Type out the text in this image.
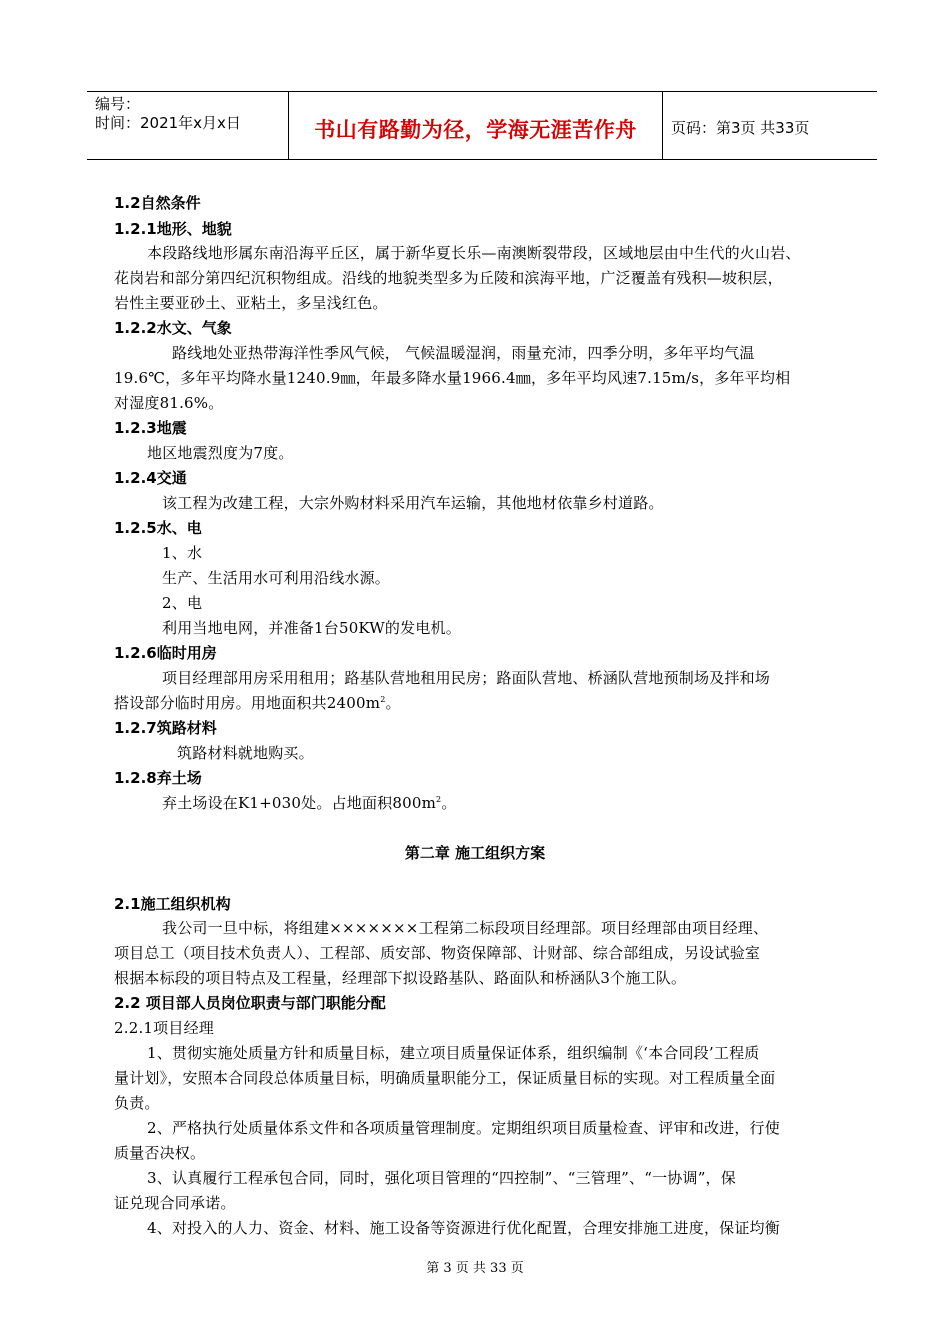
编号：
时间：2021年x月x日	书山有路勤为径，学海无涯苦作舟	页码：第3页 共33页
1.2自然条件
1.2.1地形、地貌
本段路线地形属东南沿海平丘区，属于新华夏长乐—南澳断裂带段，区域地层由中生代的火山岩、
花岗岩和部分第四纪沉积物组成。沿线的地貌类型多为丘陵和滨海平地，广泛覆盖有残积—坡积层，
岩性主要亚砂土、亚粘土，多呈浅红色。
1.2.2水文、气象
路线地处亚热带海洋性季风气候， 气候温暖湿润，雨量充沛，四季分明，多年平均气温
19.6℃，多年平均降水量1240.9㎜，年最多降水量1966.4㎜，多年平均风速7.15m/s，多年平均相
对湿度81.6%。
1.2.3地震
地区地震烈度为7度。
1.2.4交通
该工程为改建工程，大宗外购材料采用汽车运输，其他地材依靠乡村道路。
1.2.5水、电
1、水
生产、生活用水可利用沿线水源。
2、电
利用当地电网，并准备1台50KW的发电机。
1.2.6临时用房
项目经理部用房采用租用；路基队营地租用民房；路面队营地、桥涵队营地预制场及拌和场
搭设部分临时用房。用地面积共$2400m^2$。
1.2.7筑路材料
筑路材料就地购买。
1.2.8弃土场
弃土场设在K1+030处。占地面积$800m^2$。
第二章 施工组织方案
2.1施工组织机构
我公司一旦中标，将组建×××××××工程第二标段项目经理部。项目经理部由项目经理、
项目总工（项目技术负责人）、工程部、质安部、物资保障部、计财部、综合部组成，另设试验室
根据本标段的项目特点及工程量，经理部下拟设路基队、路面队和桥涵队3个施工队。
2.2 项目部人员岗位职责与部门职能分配
2.2.1项目经理
1、贯彻实施处质量方针和质量目标，建立项目质量保证体系，组织编制《‘本合同段’工程质
量计划》，安照本合同段总体质量目标，明确质量职能分工，保证质量目标的实现。对工程质量全面
负责。
2、严格执行处质量体系文件和各项质量管理制度。定期组织项目质量检查、评审和改进，行使
质量否决权。
3、认真履行工程承包合同，同时，强化项目管理的“四控制”、“三管理”、“一协调”，保
证兑现合同承诺。
4、对投入的人力、资金、材料、施工设备等资源进行优化配置，合理安排施工进度，保证均衡
第 3 页 共 33 页
